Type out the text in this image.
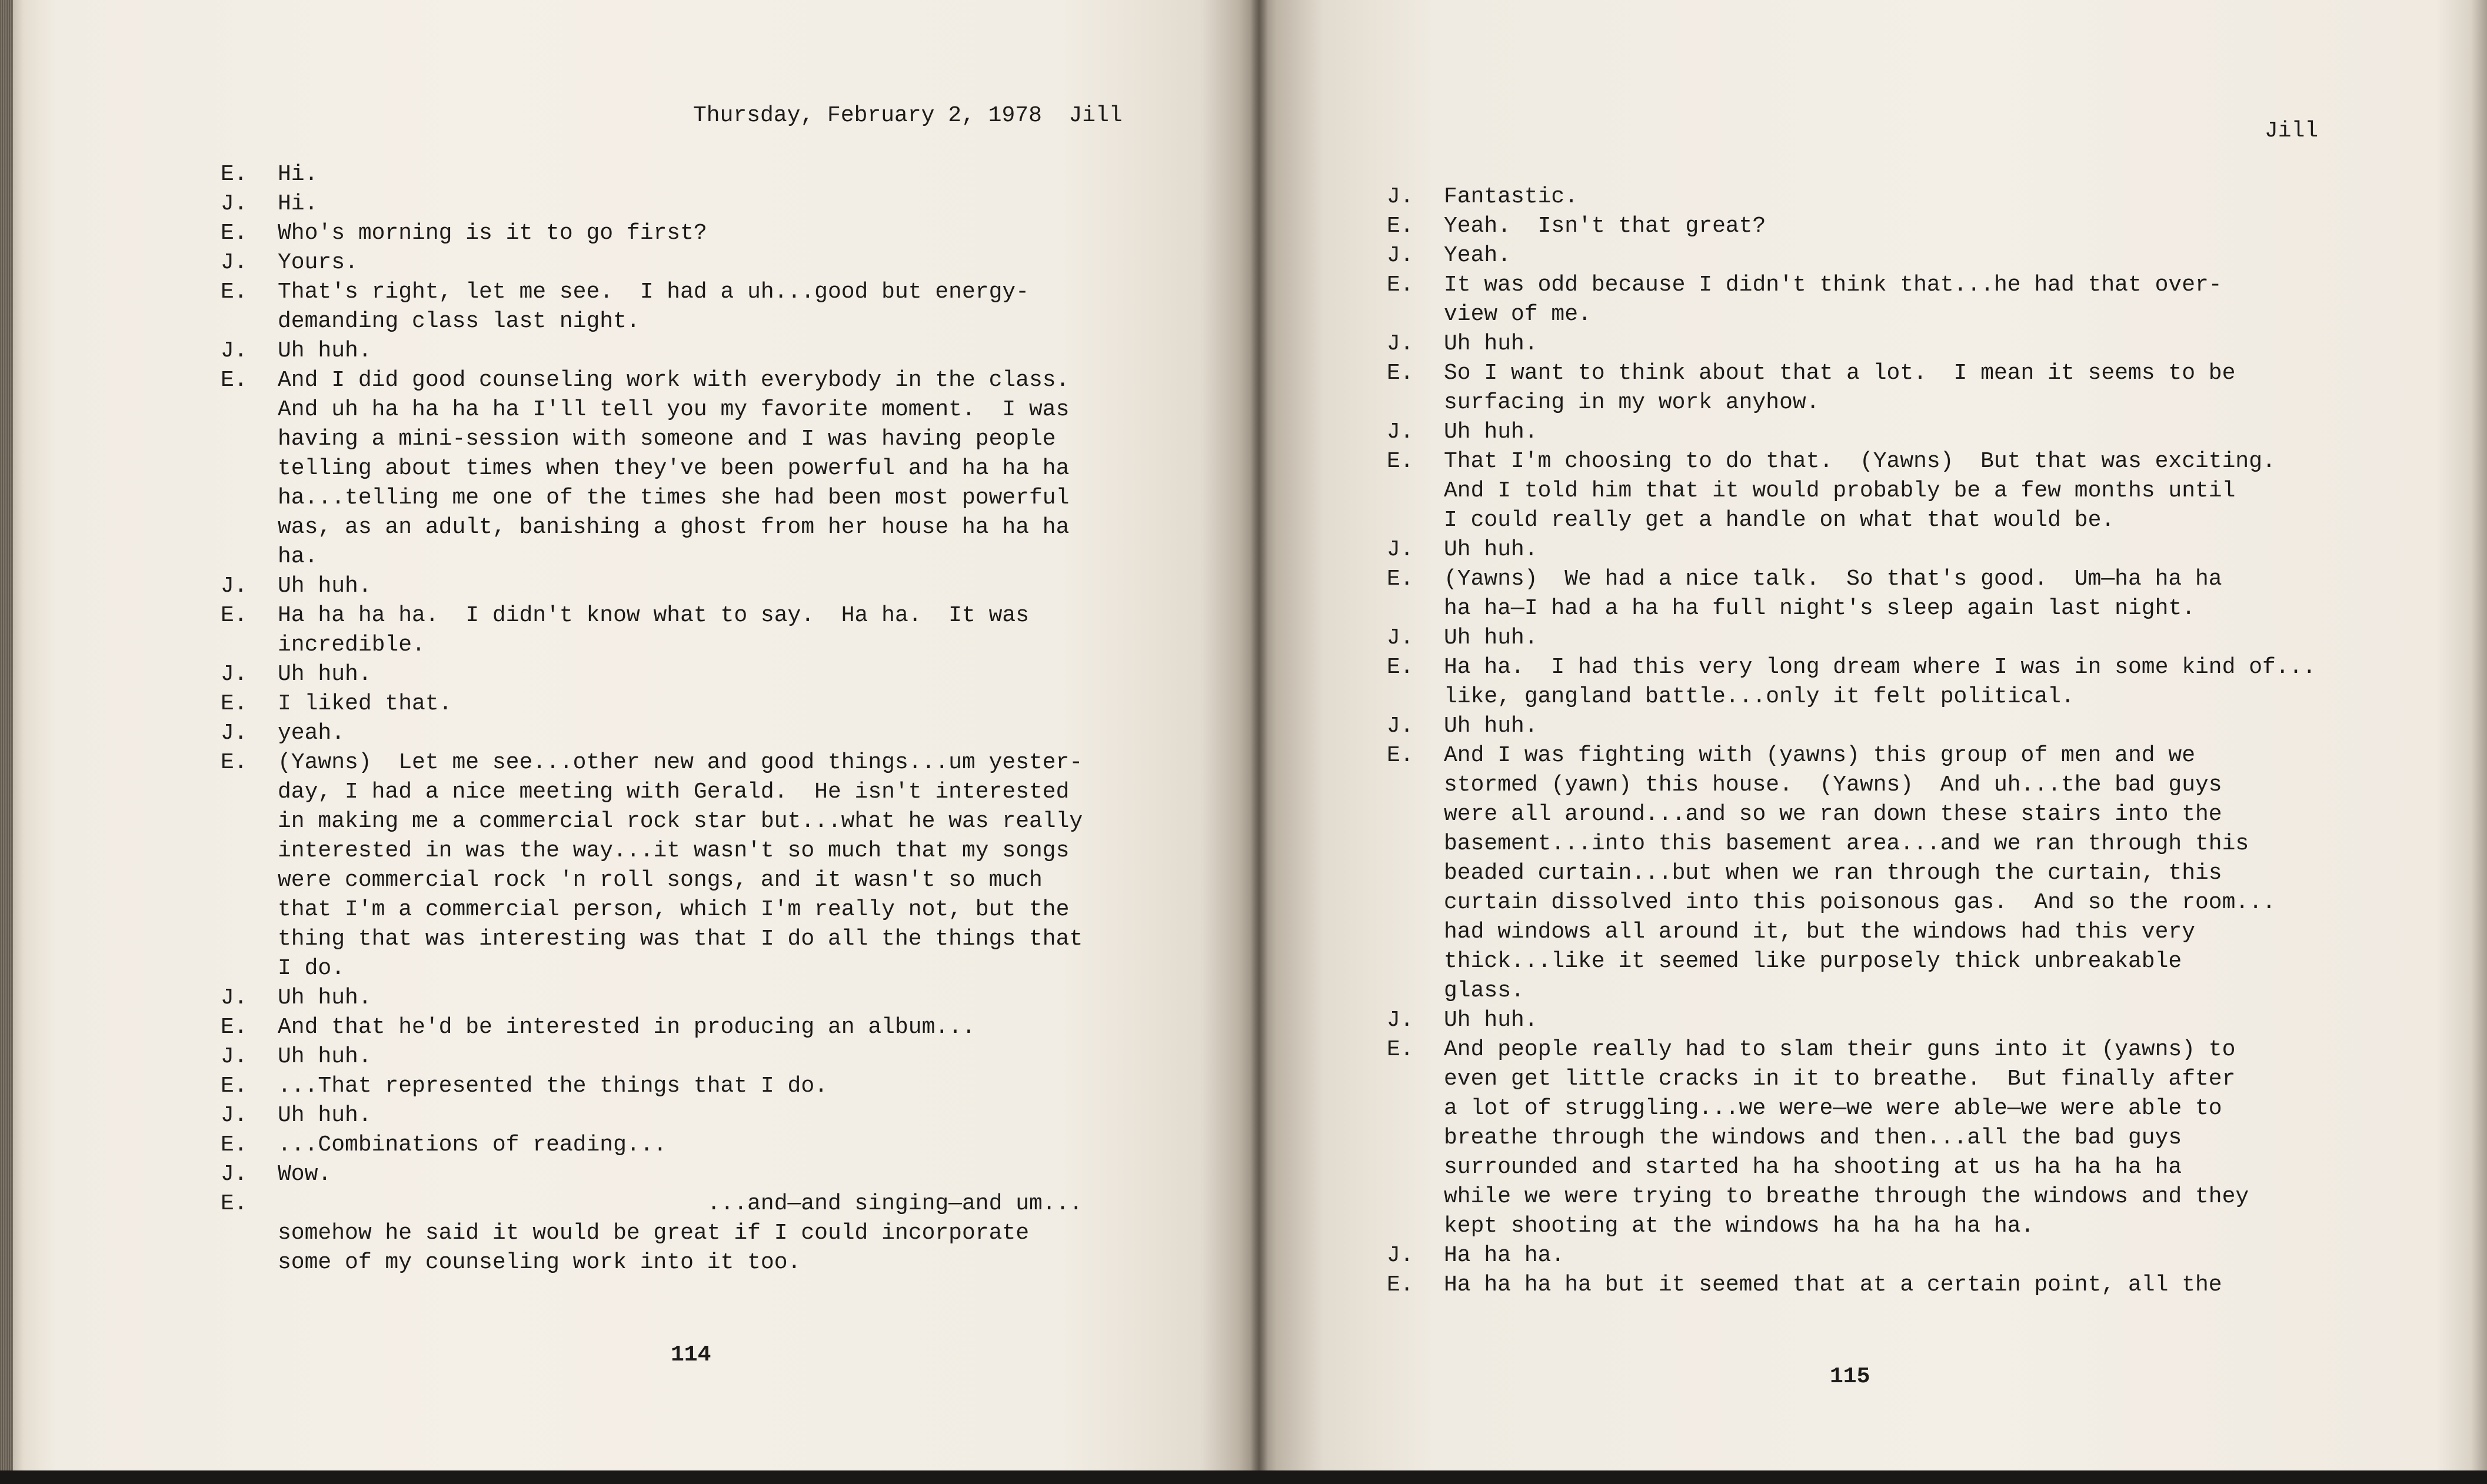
Thursday, February 2, 1978  Jill
E.	Hi.
J.	Hi.
E.	Who's morning is it to go first?
J.	Yours.
E.	That's right, let me see.  I had a uh...good but energy-
demanding class last night.
J.	Uh huh.
E.	And I did good counseling work with everybody in the class.
And uh ha ha ha ha I'll tell you my favorite moment.  I was
having a mini-session with someone and I was having people
telling about times when they've been powerful and ha ha ha
ha...telling me one of the times she had been most powerful
was, as an adult, banishing a ghost from her house ha ha ha
ha.
J.	Uh huh.
E.	Ha ha ha ha.  I didn't know what to say.  Ha ha.  It was
incredible.
J.	Uh huh.
E.	I liked that.
J.	yeah.
E.	(Yawns)  Let me see...other new and good things...um yester-
day, I had a nice meeting with Gerald.  He isn't interested
in making me a commercial rock star but...what he was really
interested in was the way...it wasn't so much that my songs
were commercial rock 'n roll songs, and it wasn't so much
that I'm a commercial person, which I'm really not, but the
thing that was interesting was that I do all the things that
I do.
J.	Uh huh.
E.	And that he'd be interested in producing an album...
J.	Uh huh.
E.	...That represented the things that I do.
J.	Uh huh.
E.	...Combinations of reading...
J.	Wow.
E.	...and—and singing—and um...
somehow he said it would be great if I could incorporate
some of my counseling work into it too.
114
Jill
J.	Fantastic.
E.	Yeah.  Isn't that great?
J.	Yeah.
E.	It was odd because I didn't think that...he had that over-
view of me.
J.	Uh huh.
E.	So I want to think about that a lot.  I mean it seems to be
surfacing in my work anyhow.
J.	Uh huh.
E.	That I'm choosing to do that.  (Yawns)  But that was exciting.
And I told him that it would probably be a few months until
I could really get a handle on what that would be.
J.	Uh huh.
E.	(Yawns)  We had a nice talk.  So that's good.  Um—ha ha ha
ha ha—I had a ha ha full night's sleep again last night.
J.	Uh huh.
E.	Ha ha.  I had this very long dream where I was in some kind of...
like, gangland battle...only it felt political.
J.	Uh huh.
E.	And I was fighting with (yawns) this group of men and we
stormed (yawn) this house.  (Yawns)  And uh...the bad guys
were all around...and so we ran down these stairs into the
basement...into this basement area...and we ran through this
beaded curtain...but when we ran through the curtain, this
curtain dissolved into this poisonous gas.  And so the room...
had windows all around it, but the windows had this very
thick...like it seemed like purposely thick unbreakable
glass.
J.	Uh huh.
E.	And people really had to slam their guns into it (yawns) to
even get little cracks in it to breathe.  But finally after
a lot of struggling...we were—we were able—we were able to
breathe through the windows and then...all the bad guys
surrounded and started ha ha shooting at us ha ha ha ha
while we were trying to breathe through the windows and they
kept shooting at the windows ha ha ha ha ha.
J.	Ha ha ha.
E.	Ha ha ha ha but it seemed that at a certain point, all the
115
